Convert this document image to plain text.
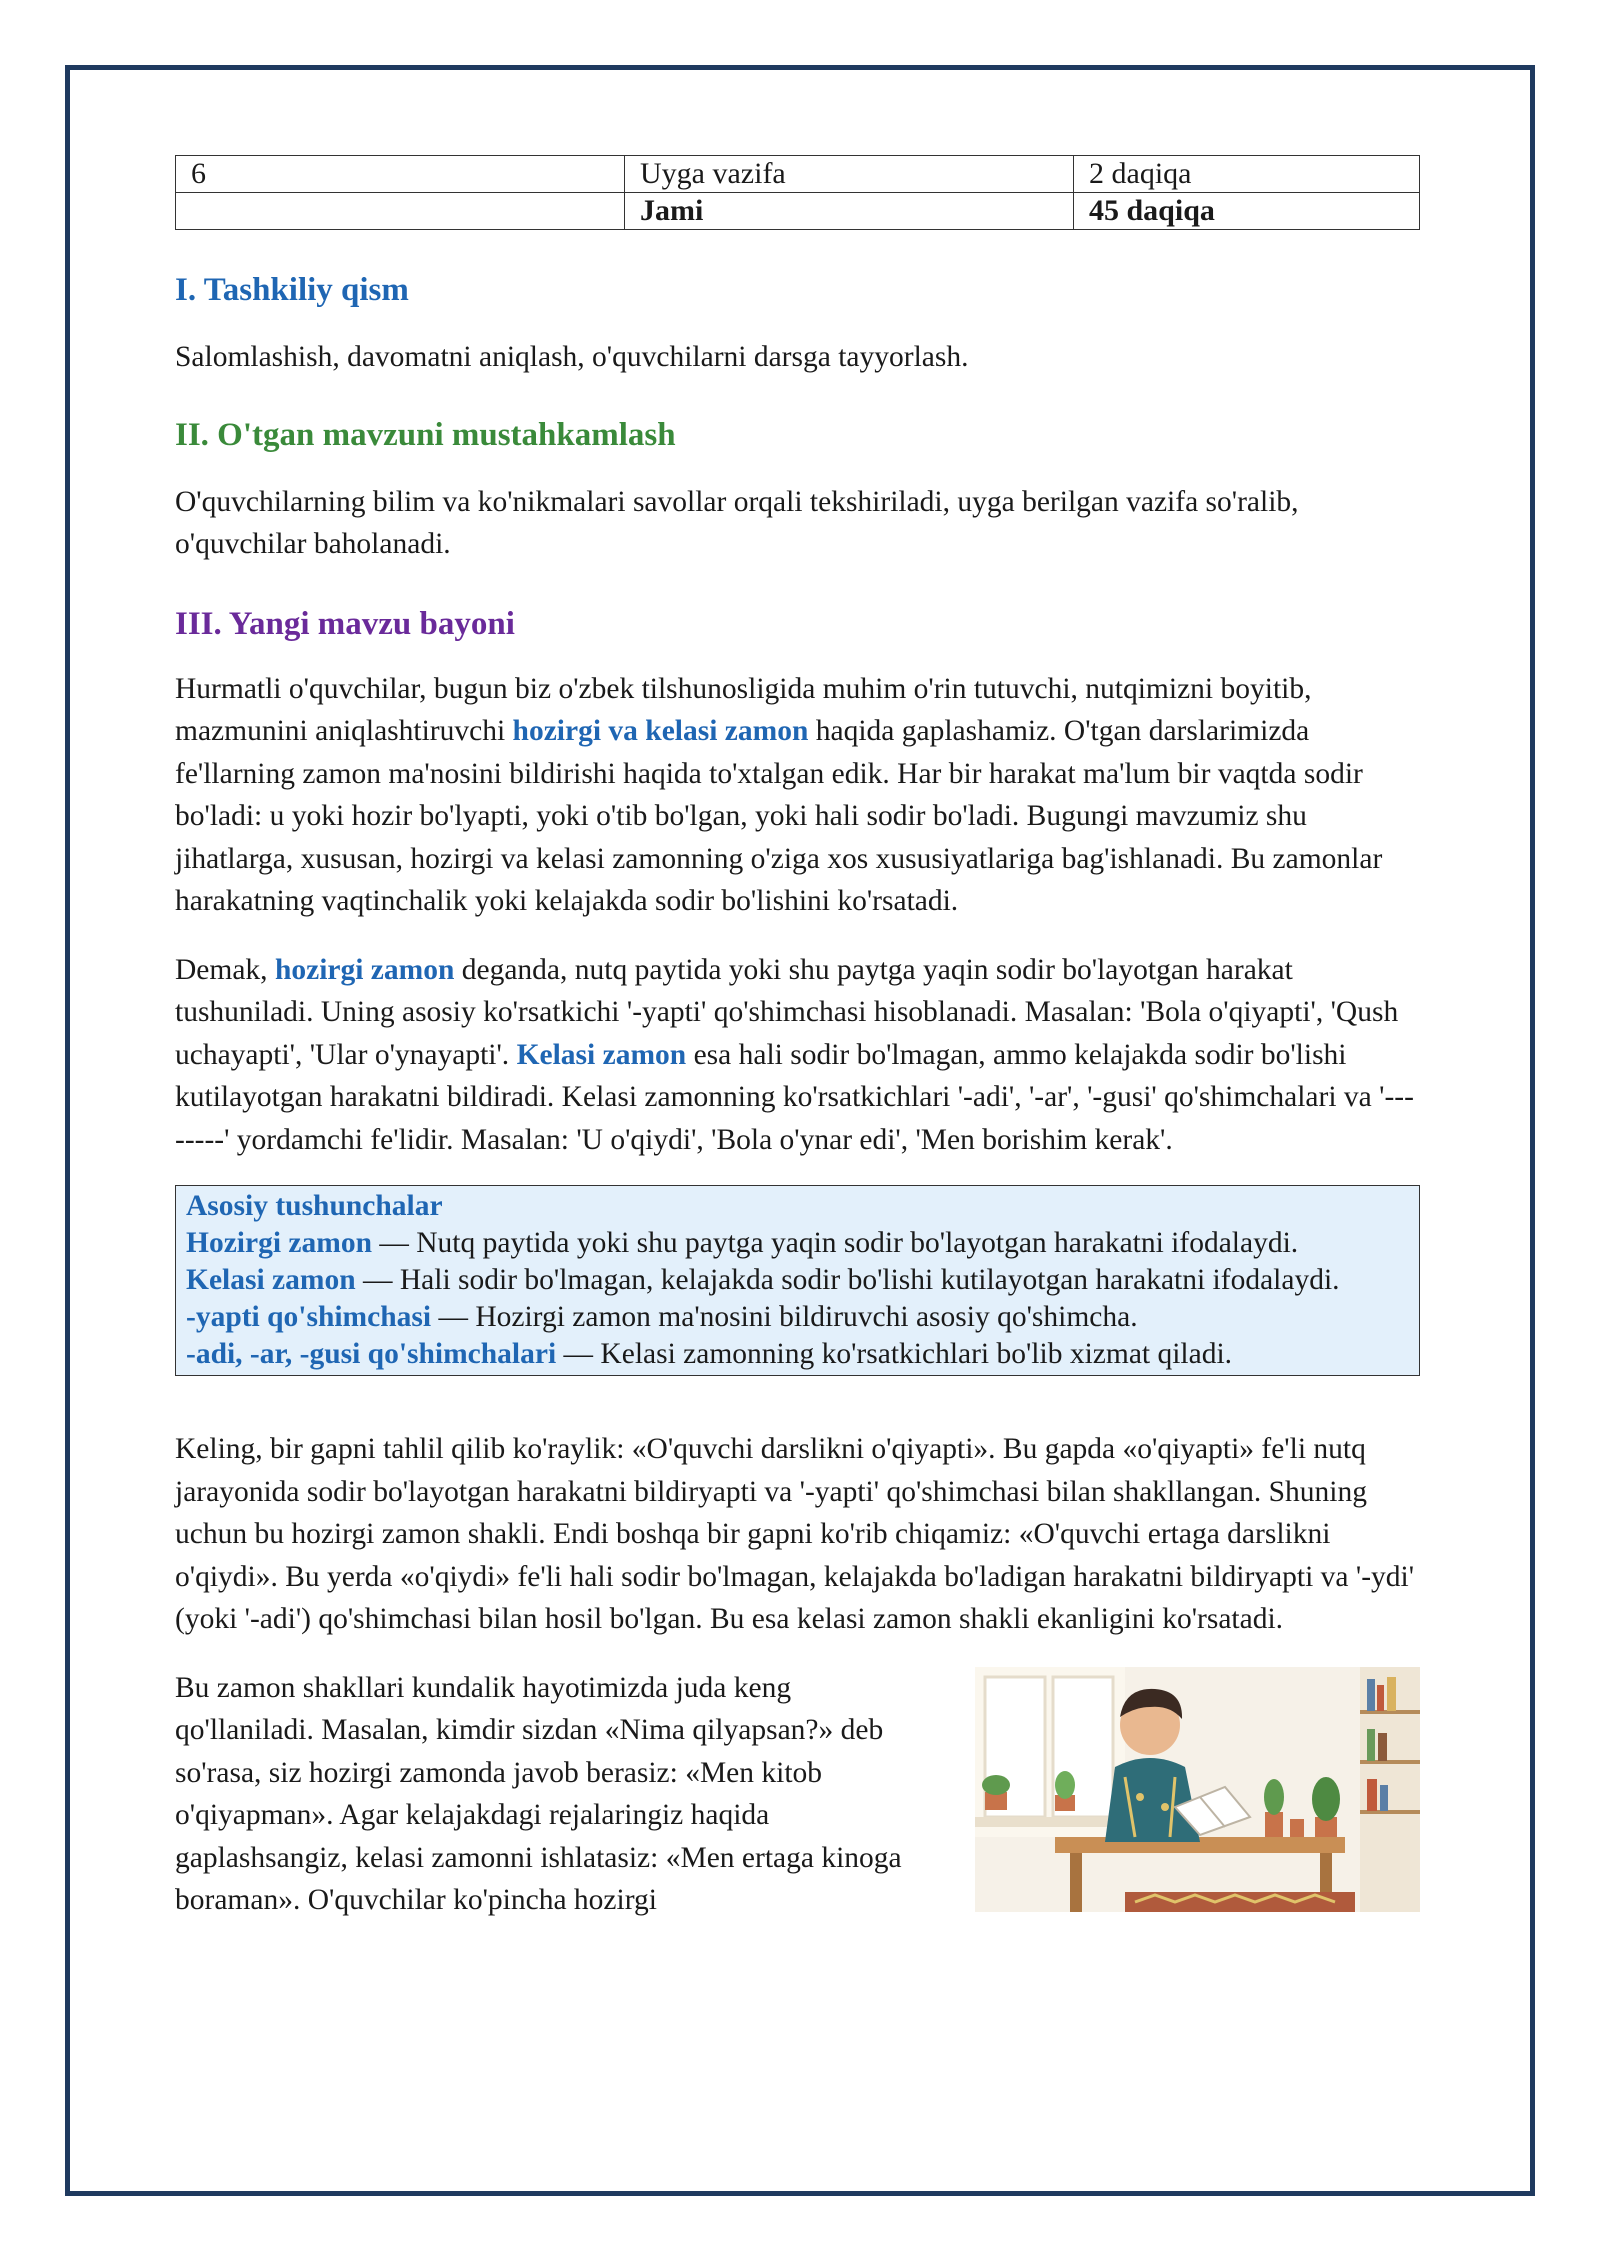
6	Uyga vazifa	2 daqiqa
	Jami	45 daqiqa
I. Tashkiliy qism

Salomlashish, davomatni aniqlash, o'quvchilarni darsga tayyorlash.

II. O'tgan mavzuni mustahkamlash

O'quvchilarning bilim va ko'nikmalari savollar orqali tekshiriladi, uyga berilgan vazifa so'ralib, o'quvchilar baholanadi.

III. Yangi mavzu bayoni

Hurmatli o'quvchilar, bugun biz o'zbek tilshunosligida muhim o'rin tutuvchi, nutqimizni boyitib, mazmunini aniqlashtiruvchi hozirgi va kelasi zamon haqida gaplashamiz. O'tgan darslarimizda fe'llarning zamon ma'nosini bildirishi haqida to'xtalgan edik. Har bir harakat ma'lum bir vaqtda sodir bo'ladi: u yoki hozir bo'lyapti, yoki o'tib bo'lgan, yoki hali sodir bo'ladi. Bugungi mavzumiz shu jihatlarga, xususan, hozirgi va kelasi zamonning o'ziga xos xususiyatlariga bag'ishlanadi. Bu zamonlar harakatning vaqtinchalik yoki kelajakda sodir bo'lishini ko'rsatadi.

Demak, hozirgi zamon deganda, nutq paytida yoki shu paytga yaqin sodir bo'layotgan harakat tushuniladi. Uning asosiy ko'rsatkichi '-yapti' qo'shimchasi hisoblanadi. Masalan: 'Bola o'qiyapti', 'Qush uchayapti', 'Ular o'ynayapti'. Kelasi zamon esa hali sodir bo'lmagan, ammo kelajakda sodir bo'lishi kutilayotgan harakatni bildiradi. Kelasi zamonning ko'rsatkichlari '-adi', '-ar', '-gusi' qo'shimchalari va '--------' yordamchi fe'lidir. Masalan: 'U o'qiydi', 'Bola o'ynar edi', 'Men borishim kerak'.

Asosiy tushunchalar
Hozirgi zamon — Nutq paytida yoki shu paytga yaqin sodir bo'layotgan harakatni ifodalaydi.
Kelasi zamon — Hali sodir bo'lmagan, kelajakda sodir bo'lishi kutilayotgan harakatni ifodalaydi.
-yapti qo'shimchasi — Hozirgi zamon ma'nosini bildiruvchi asosiy qo'shimcha.
-adi, -ar, -gusi qo'shimchalari — Kelasi zamonning ko'rsatkichlari bo'lib xizmat qiladi.

Keling, bir gapni tahlil qilib ko'raylik: «O'quvchi darslikni o'qiyapti». Bu gapda «o'qiyapti» fe'li nutq jarayonida sodir bo'layotgan harakatni bildiryapti va '-yapti' qo'shimchasi bilan shakllangan. Shuning uchun bu hozirgi zamon shakli. Endi boshqa bir gapni ko'rib chiqamiz: «O'quvchi ertaga darslikni o'qiydi». Bu yerda «o'qiydi» fe'li hali sodir bo'lmagan, kelajakda bo'ladigan harakatni bildiryapti va '-ydi' (yoki '-adi') qo'shimchasi bilan hosil bo'lgan. Bu esa kelasi zamon shakli ekanligini ko'rsatadi.

Bu zamon shakllari kundalik hayotimizda juda keng qo'llaniladi. Masalan, kimdir sizdan «Nima qilyapsan?» deb so'rasa, siz hozirgi zamonda javob berasiz: «Men kitob o'qiyapman». Agar kelajakdagi rejalaringiz haqida gaplashsangiz, kelasi zamonni ishlatasiz: «Men ertaga kinoga boraman». O'quvchilar ko'pincha hozirgi
